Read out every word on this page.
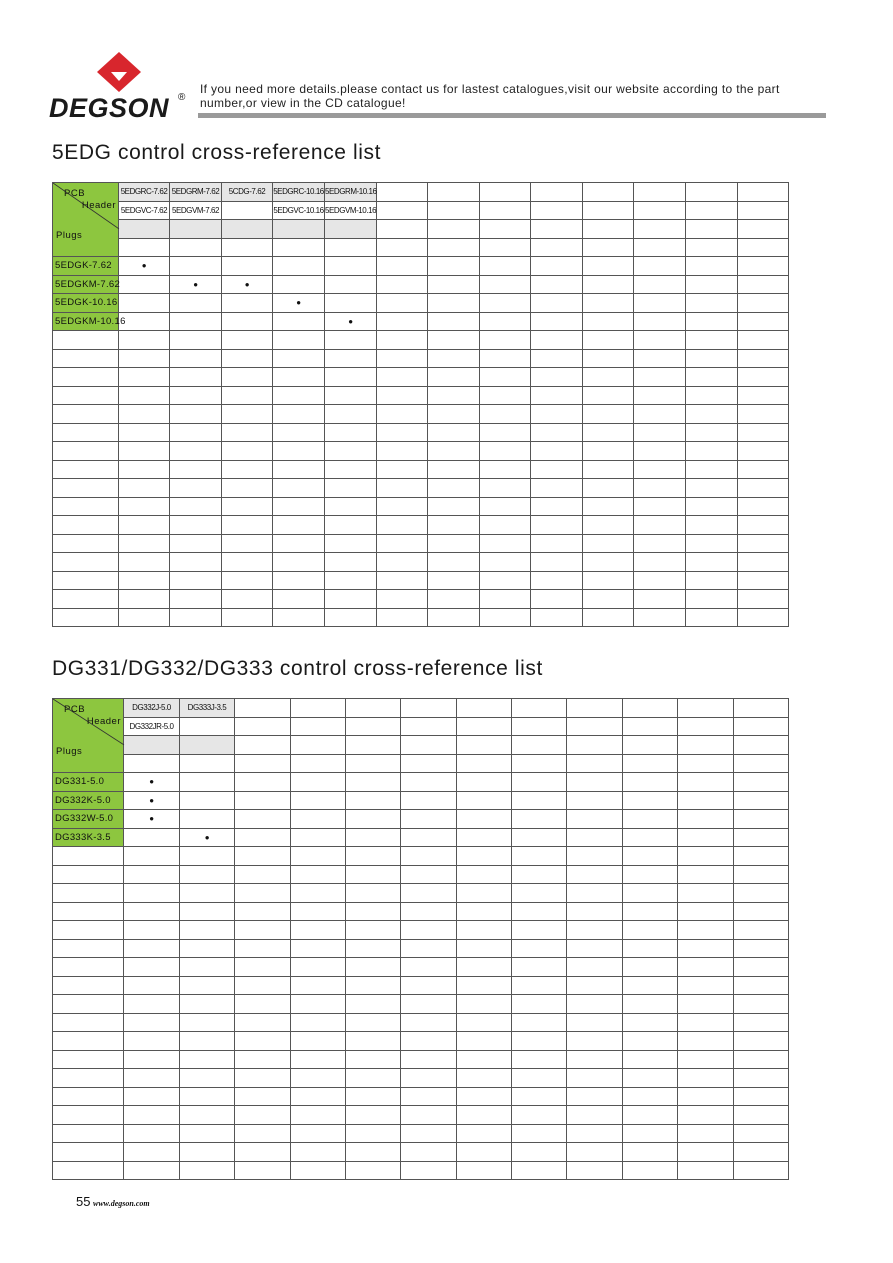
DEGSON ®
If you need more details.please contact us for lastest catalogues,visit our website according to the part number,or view in the CD catalogue!
5EDG control cross-reference list
PCB
Header
Plugs	5EDGRC-7.62	5EDGRM-7.62	5CDG-7.62	5EDGRC-10.16	5EDGRM-10.16								
	5EDGVC-7.62	5EDGVM-7.62		5EDGVC-10.16	5EDGVM-10.16								

5EDGK-7.62	●												
5EDGKM-7.62		●	●										
5EDGK-10.16				●									
5EDGKM-10.16					●								

DG331/DG332/DG333 control cross-reference list
PCB
Header
Plugs	DG332J-5.0	DG333J-3.5										
	DG332JR-5.0											

DG331-5.0	●											
DG332K-5.0	●											
DG332W-5.0	●											
DG333K-3.5		●										

55 www.degson.com
